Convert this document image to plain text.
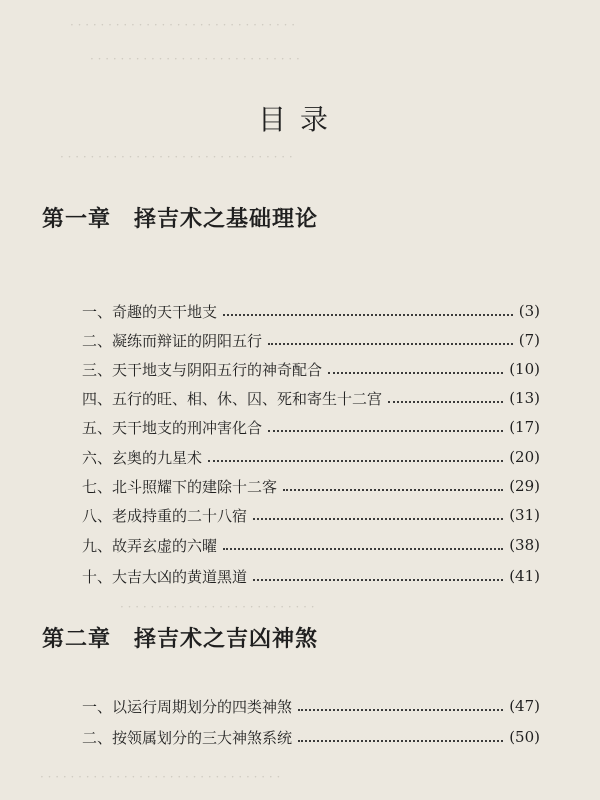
· · · · · · · · · · · · · · · · · · · · · · · · · · · · · ·
· · · · · · · · · · · · · · · · · · · · · · · · · · · ·
· · · · · · · · · · · · · · · · · · · · · · · · · · · · · · ·
· · · · · · · · · · · · · · · · · · · · · · · · · ·
· · · · · · · · · · · · · · · · · · · · · · · · · · · · · · · ·
目录
第一章　择吉术之基础理论
一、奇趣的天干地支	(3)
二、凝练而辩证的阴阳五行	(7)
三、天干地支与阴阳五行的神奇配合	(10)
四、五行的旺、相、休、囚、死和寄生十二宫	(13)
五、天干地支的刑冲害化合	(17)
六、玄奥的九星术	(20)
七、北斗照耀下的建除十二客	(29)
八、老成持重的二十八宿	(31)
九、故弄玄虚的六曜	(38)
十、大吉大凶的黄道黑道	(41)
第二章　择吉术之吉凶神煞
一、以运行周期划分的四类神煞	(47)
二、按领属划分的三大神煞系统	(50)
